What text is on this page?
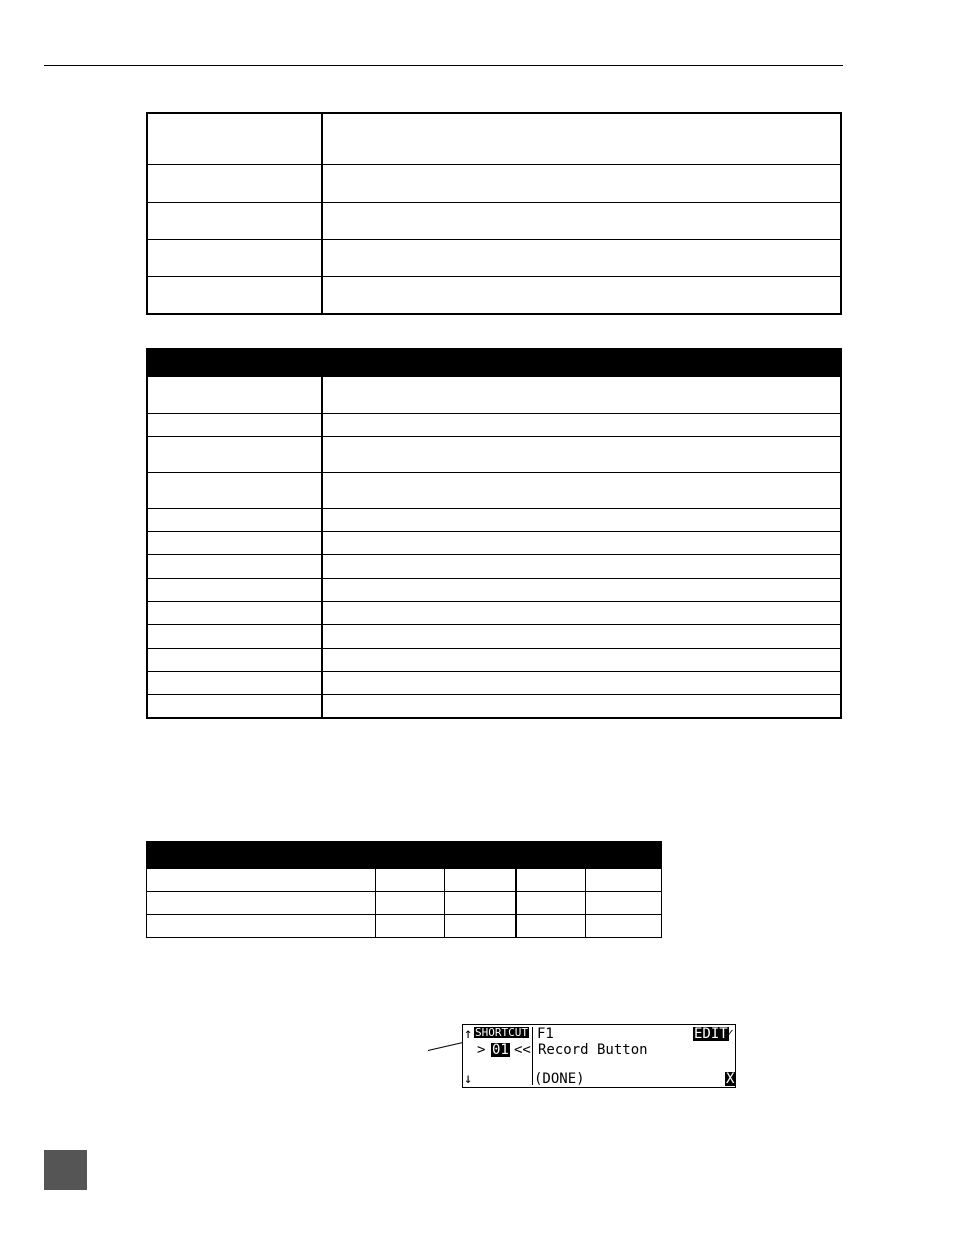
↑ SHORTCUT F1	EDIT ✓
> 01 << Record Button
↓	(DONE)	X
